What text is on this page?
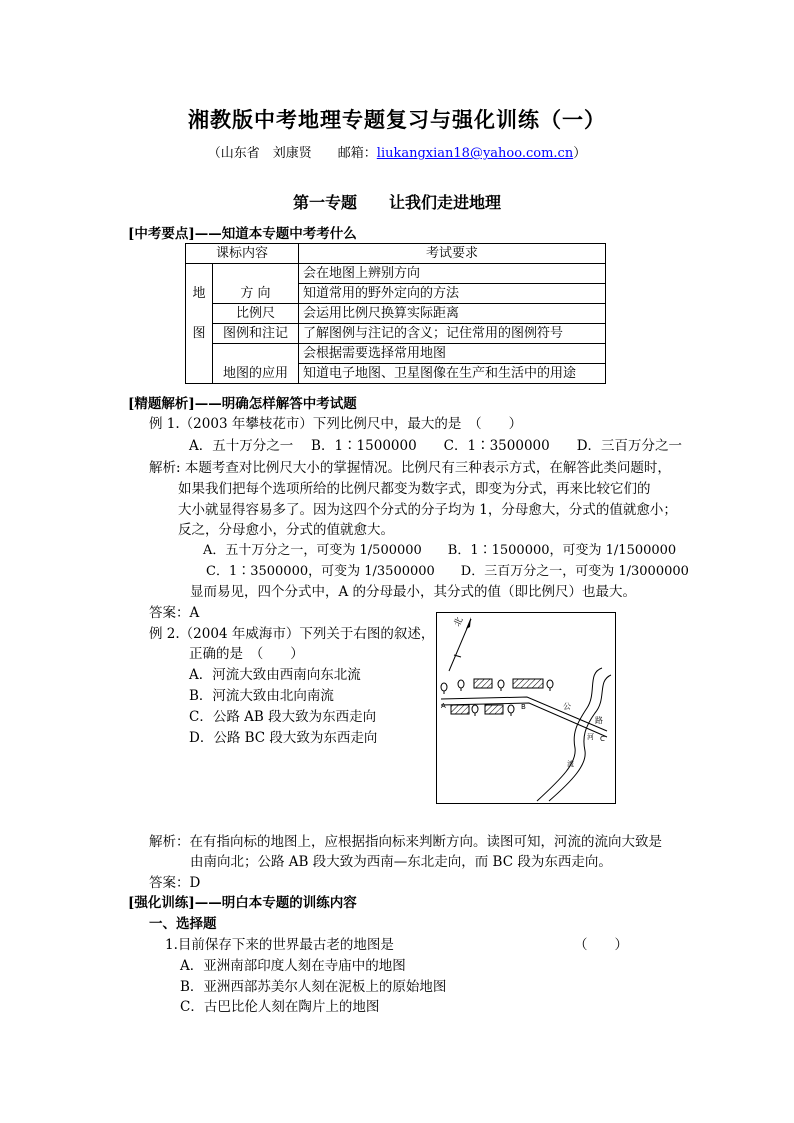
湘教版中考地理专题复习与强化训练（一）
（山东省　刘康贤　　邮箱：liukangxian18@yahoo.com.cn）
第一专题　　让我们走进地理
[中考要点]——知道本专题中考考什么
课标内容		考试要求
地	方 向	会在地图上辨别方向
		知道常用的野外定向的方法
	比例尺	会运用比例尺换算实际距离
图	图例和注记	了解图例与注记的含义；记住常用的图例符号
	地图的应用	会根据需要选择常用地图
		知道电子地图、卫星图像在生产和生活中的用途
[精题解析]——明确怎样解答中考试题
例 1.（2003 年攀枝花市）下列比例尺中，最大的是　（　　）
A．五十万分之一　 B．1∶1500000　　C．1∶3500000　　D．三百万分之一
解析: 本题考查对比例尺大小的掌握情况。比例尺有三种表示方式，在解答此类问题时，
如果我们把每个选项所给的比例尺都变为数字式，即变为分式，再来比较它们的
大小就显得容易多了。因为这四个分式的分子均为 1，分母愈大，分式的值就愈小；
反之，分母愈小，分式的值就愈大。
A．五十万分之一，可变为 1/500000　　B．1∶1500000，可变为 1/1500000
C．1∶3500000，可变为 1/3500000　　D．三百万分之一，可变为 1/3000000
显而易见，四个分式中，A 的分母最小，其分式的值（即比例尺）也最大。
答案：A
例 2.（2004 年威海市）下列关于右图的叙述，
正确的是　（　　）
A．河流大致由西南向东北流
B．河流大致由北向南流
C．公路 AB 段大致为东西走向
D．公路 BC 段大致为东西走向
北
A	B
C
公
路
河
流
解析：在有指向标的地图上，应根据指向标来判断方向。读图可知，河流的流向大致是
由南向北；公路 AB 段大致为西南—东北走向，而 BC 段为东西走向。
答案：D
[强化训练]——明白本专题的训练内容
一、选择题
1.目前保存下来的世界最古老的地图是	（　　）
A．亚洲南部印度人刻在寺庙中的地图
B．亚洲西部苏美尔人刻在泥板上的原始地图
C．古巴比伦人刻在陶片上的地图
